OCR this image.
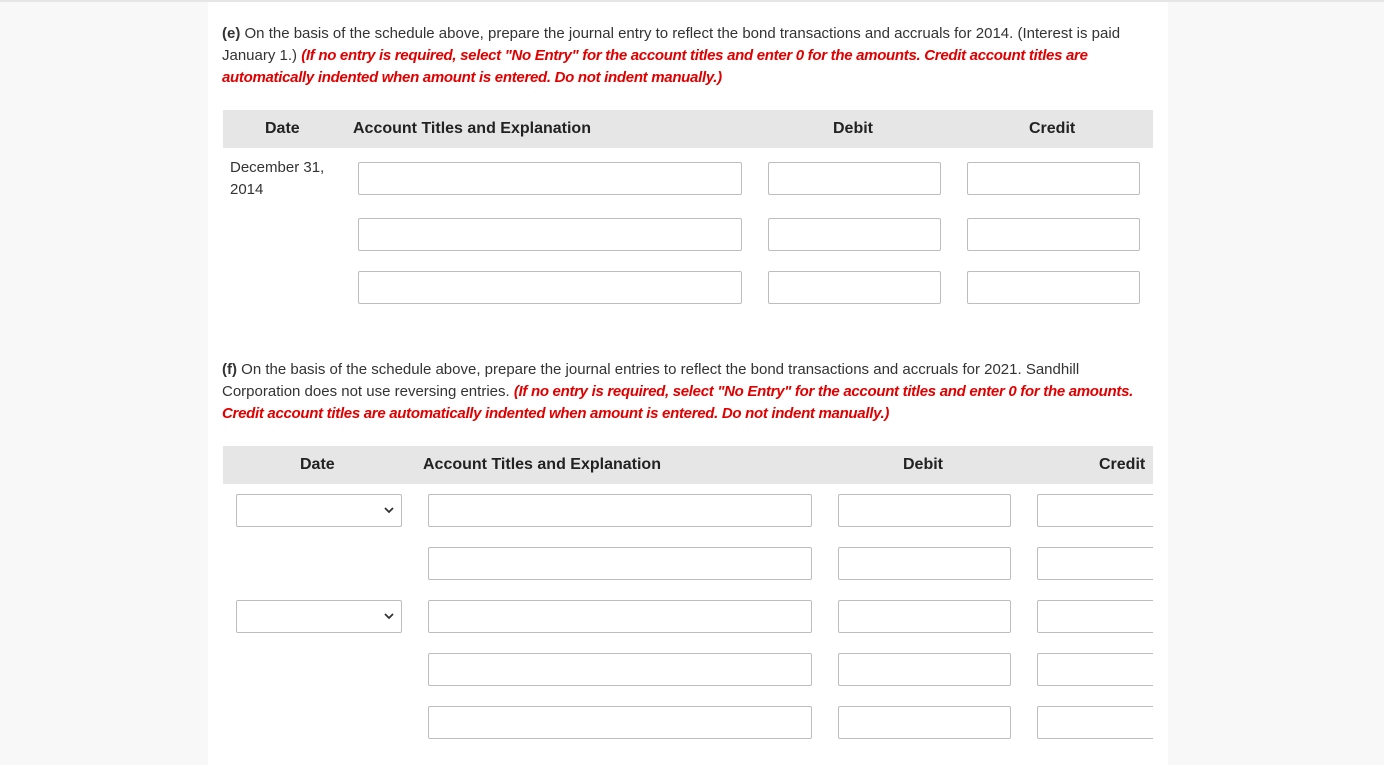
(e) On the basis of the schedule above, prepare the journal entry to reflect the bond transactions and accruals for 2014. (Interest is paid January 1.) (If no entry is required, select "No Entry" for the account titles and enter 0 for the amounts. Credit account titles are automatically indented when amount is entered. Do not indent manually.)
Date	Account Titles and Explanation	Debit	Credit
December 31, 2014
(f) On the basis of the schedule above, prepare the journal entries to reflect the bond transactions and accruals for 2021. Sandhill Corporation does not use reversing entries. (If no entry is required, select "No Entry" for the account titles and enter 0 for the amounts. Credit account titles are automatically indented when amount is entered. Do not indent manually.)
Date	Account Titles and Explanation	Debit	Credit
